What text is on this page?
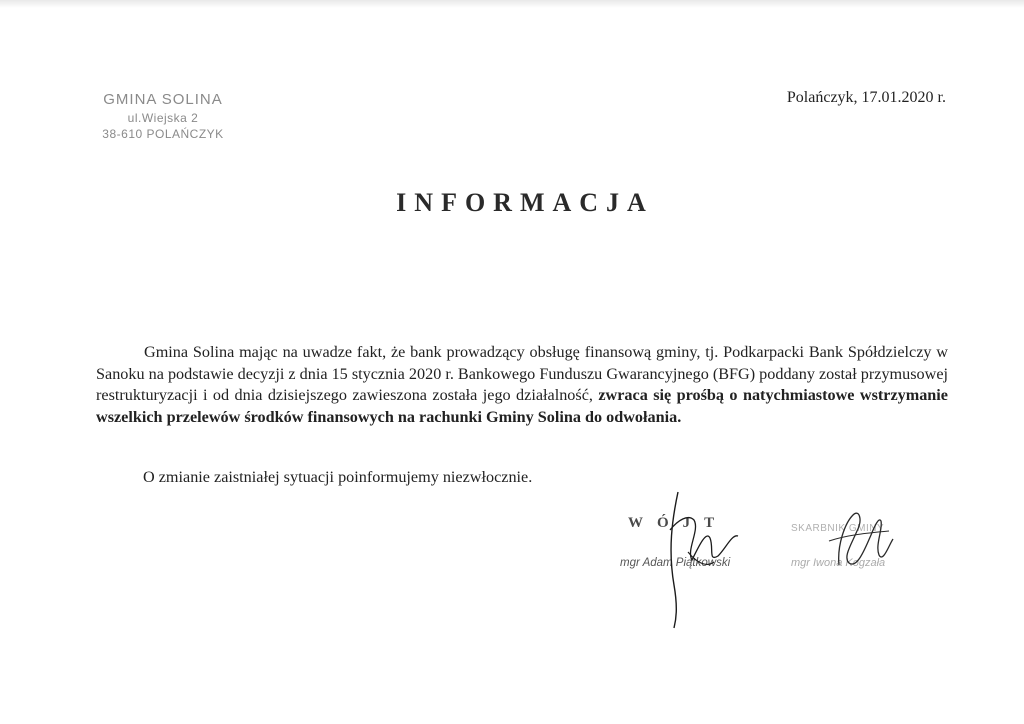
GMINA SOLINA
ul.Wiejska 2
38-610 POLAŃCZYK
Polańczyk, 17.01.2020 r.
INFORMACJA
Gmina Solina mając na uwadze fakt, że bank prowadzący obsługę finansową gminy, tj. Podkarpacki Bank Spółdzielczy w Sanoku na podstawie decyzji z dnia 15 stycznia 2020 r. Bankowego Funduszu Gwarancyjnego (BFG) poddany został przymusowej restrukturyzacji i od dnia dzisiejszego zawieszona została jego działalność, zwraca się prośbą o natychmiastowe wstrzymanie wszelkich przelewów środków finansowych na rachunki Gminy Solina do odwołania.
O zmianie zaistniałej sytuacji poinformujemy niezwłocznie.
WÓJT
mgr Adam Piątkowski
SKARBNIK GMINY
mgr Iwona Kogzała
